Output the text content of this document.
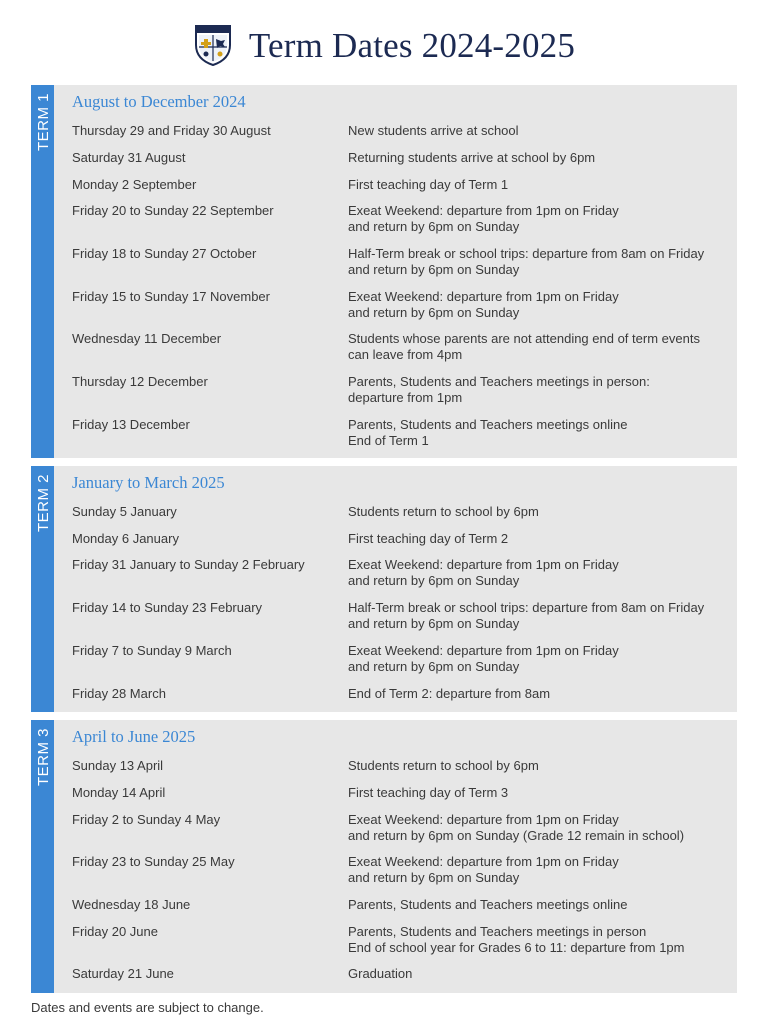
Term Dates 2024-2025
TERM 1 August to December 2024
Thursday 29 and Friday 30 August	New students arrive at school
Saturday 31 August	Returning students arrive at school by 6pm
Monday 2 September	First teaching day of Term 1
Friday 20 to Sunday 22 September	Exeat Weekend: departure from 1pm on Friday
and return by 6pm on Sunday
Friday 18 to Sunday 27 October	Half-Term break or school trips: departure from 8am on Friday
and return by 6pm on Sunday
Friday 15 to Sunday 17 November	Exeat Weekend: departure from 1pm on Friday
and return by 6pm on Sunday
Wednesday 11 December	Students whose parents are not attending end of term events
can leave from 4pm
Thursday 12 December	Parents, Students and Teachers meetings in person:
departure from 1pm
Friday 13 December	Parents, Students and Teachers meetings online
End of Term 1
TERM 2 January to March 2025
Sunday 5 January	Students return to school by 6pm
Monday 6 January	First teaching day of Term 2
Friday 31 January to Sunday 2 February	Exeat Weekend: departure from 1pm on Friday
and return by 6pm on Sunday
Friday 14 to Sunday 23 February	Half-Term break or school trips: departure from 8am on Friday
and return by 6pm on Sunday
Friday 7 to Sunday 9 March	Exeat Weekend: departure from 1pm on Friday
and return by 6pm on Sunday
Friday 28 March	End of Term 2: departure from 8am
TERM 3 April to June 2025
Sunday 13 April	Students return to school by 6pm
Monday 14 April	First teaching day of Term 3
Friday 2 to Sunday 4 May	Exeat Weekend: departure from 1pm on Friday
and return by 6pm on Sunday (Grade 12 remain in school)
Friday 23 to Sunday 25 May	Exeat Weekend: departure from 1pm on Friday
and return by 6pm on Sunday
Wednesday 18 June	Parents, Students and Teachers meetings online
Friday 20 June	Parents, Students and Teachers meetings in person
End of school year for Grades 6 to 11: departure from 1pm
Saturday 21 June	Graduation
Dates and events are subject to change.
